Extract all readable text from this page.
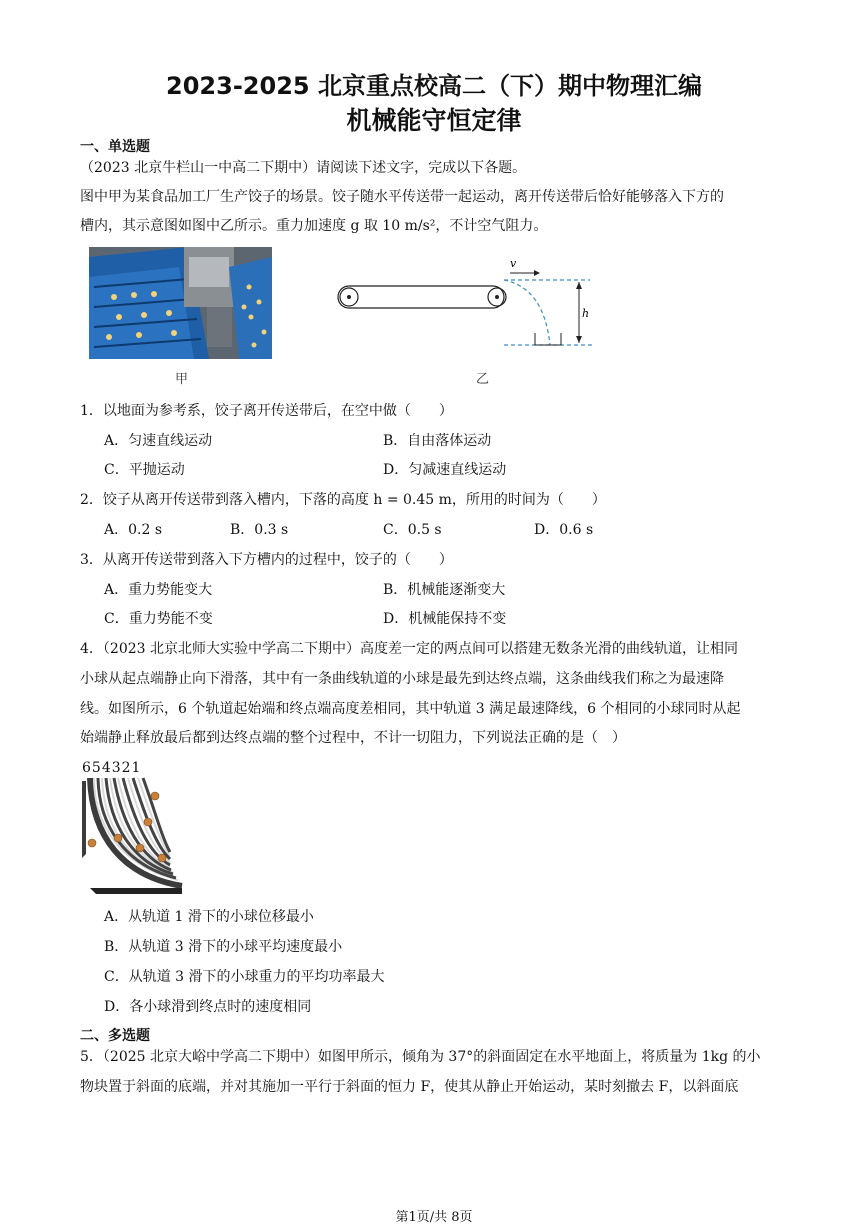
2023-2025 北京重点校高二（下）期中物理汇编
机械能守恒定律
一、单选题
（2023 北京牛栏山一中高二下期中）请阅读下述文字，完成以下各题。
图中甲为某食品加工厂生产饺子的场景。饺子随水平传送带一起运动，离开传送带后恰好能够落入下方的
槽内，其示意图如图中乙所示。重力加速度 g 取 10 m/s²，不计空气阻力。
甲
v
h
乙
1．以地面为参考系，饺子离开传送带后，在空中做（　　）
A．匀速直线运动	B．自由落体运动
C．平抛运动	D．匀减速直线运动
2．饺子从离开传送带到落入槽内，下落的高度 h = 0.45 m，所用的时间为（　　）
A．0.2 s	B．0.3 s	C．0.5 s	D．0.6 s
3．从离开传送带到落入下方槽内的过程中，饺子的（　　）
A．重力势能变大	B．机械能逐渐变大
C．重力势能不变	D．机械能保持不变
4．（2023 北京北师大实验中学高二下期中）高度差一定的两点间可以搭建无数条光滑的曲线轨道，让相同
小球从起点端静止向下滑落，其中有一条曲线轨道的小球是最先到达终点端，这条曲线我们称之为最速降
线。如图所示，6 个轨道起始端和终点端高度差相同，其中轨道 3 满足最速降线，6 个相同的小球同时从起
始端静止释放最后都到达终点端的整个过程中，不计一切阻力，下列说法正确的是（　）
654321
A．从轨道 1 滑下的小球位移最小
B．从轨道 3 滑下的小球平均速度最小
C．从轨道 3 滑下的小球重力的平均功率最大
D．各小球滑到终点时的速度相同
二、多选题
5．（2025 北京大峪中学高二下期中）如图甲所示，倾角为 37°的斜面固定在水平地面上，将质量为 1kg 的小
物块置于斜面的底端，并对其施加一平行于斜面的恒力 F，使其从静止开始运动，某时刻撤去 F，以斜面底
第1页/共 8页
